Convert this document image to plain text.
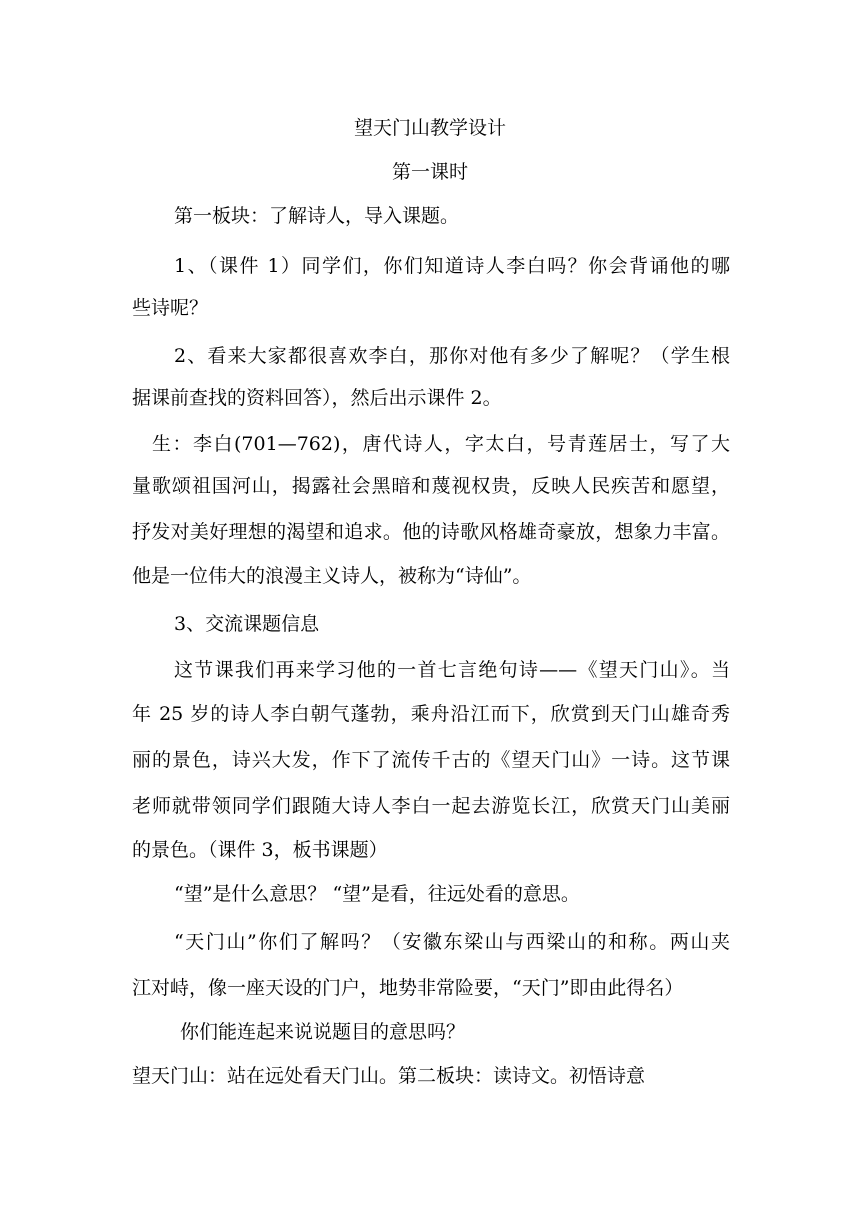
望天门山教学设计
第一课时
第一板块：了解诗人，导入课题。
1、（课件 1）同学们，你们知道诗人李白吗？你会背诵他的哪
些诗呢？
2、看来大家都很喜欢李白，那你对他有多少了解呢？（学生根
据课前查找的资料回答），然后出示课件 2。
生：李白(701—762)，唐代诗人，字太白，号青莲居士，写了大
量歌颂祖国河山，揭露社会黑暗和蔑视权贵，反映人民疾苦和愿望，
抒发对美好理想的渴望和追求。他的诗歌风格雄奇豪放，想象力丰富。
他是一位伟大的浪漫主义诗人，被称为“诗仙”。
3、交流课题信息
这节课我们再来学习他的一首七言绝句诗——《望天门山》。当
年 25 岁的诗人李白朝气蓬勃，乘舟沿江而下，欣赏到天门山雄奇秀
丽的景色，诗兴大发，作下了流传千古的《望天门山》一诗。这节课
老师就带领同学们跟随大诗人李白一起去游览长江，欣赏天门山美丽
的景色。（课件 3，板书课题）
“望”是什么意思？ “望”是看，往远处看的意思。
“天门山”你们了解吗？（安徽东梁山与西梁山的和称。两山夹
江对峙，像一座天设的门户，地势非常险要，“天门”即由此得名）
你们能连起来说说题目的意思吗？
望天门山：站在远处看天门山。第二板块：读诗文。初悟诗意
